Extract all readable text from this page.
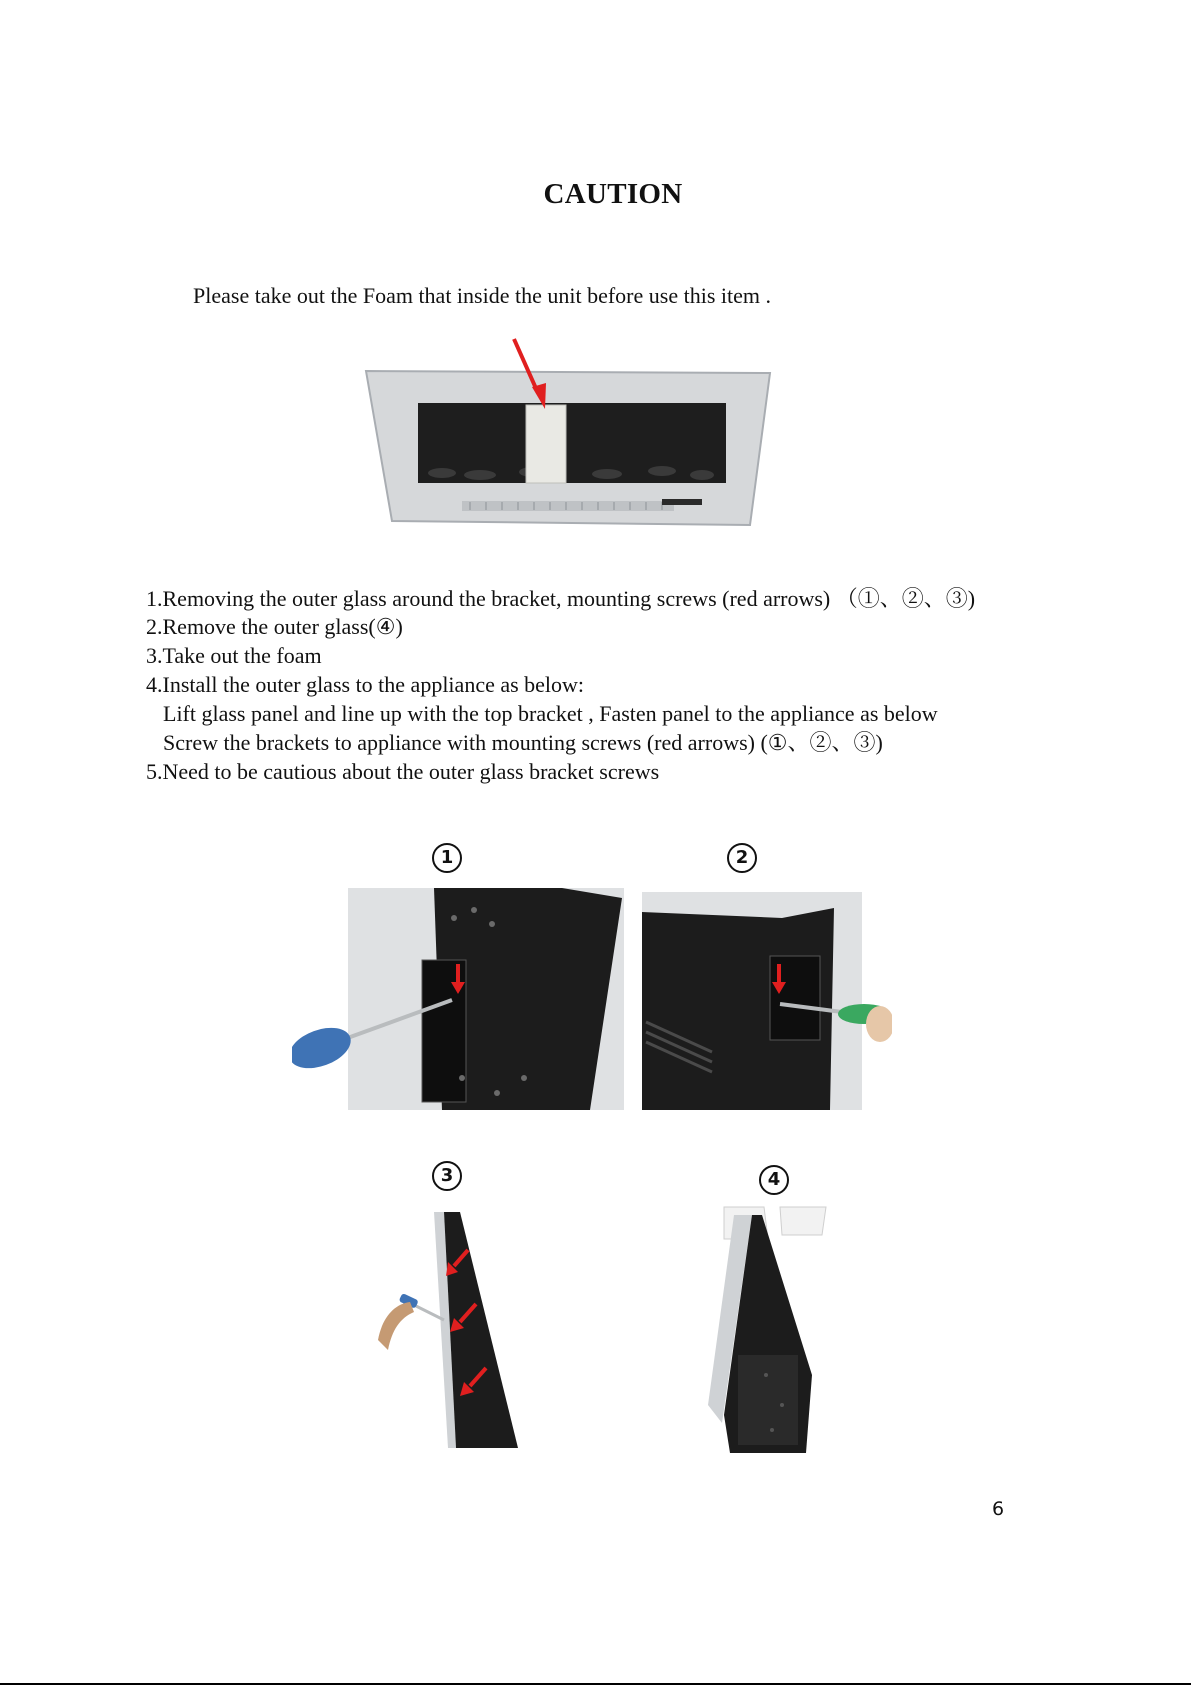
CAUTION
Please take out the Foam that inside the unit before use this item .
1.Removing the outer glass around the bracket, mounting screws (red arrows) （①、②、③)
2.Remove the outer glass(④)
3.Take out the foam
4.Install the outer glass to the appliance as below:
Lift glass panel and line up with the top bracket , Fasten panel to the appliance as below
Screw the brackets to appliance with mounting screws (red arrows) (①、②、③)
5.Need to be cautious about the outer glass bracket screws
1	2
3	4
6
